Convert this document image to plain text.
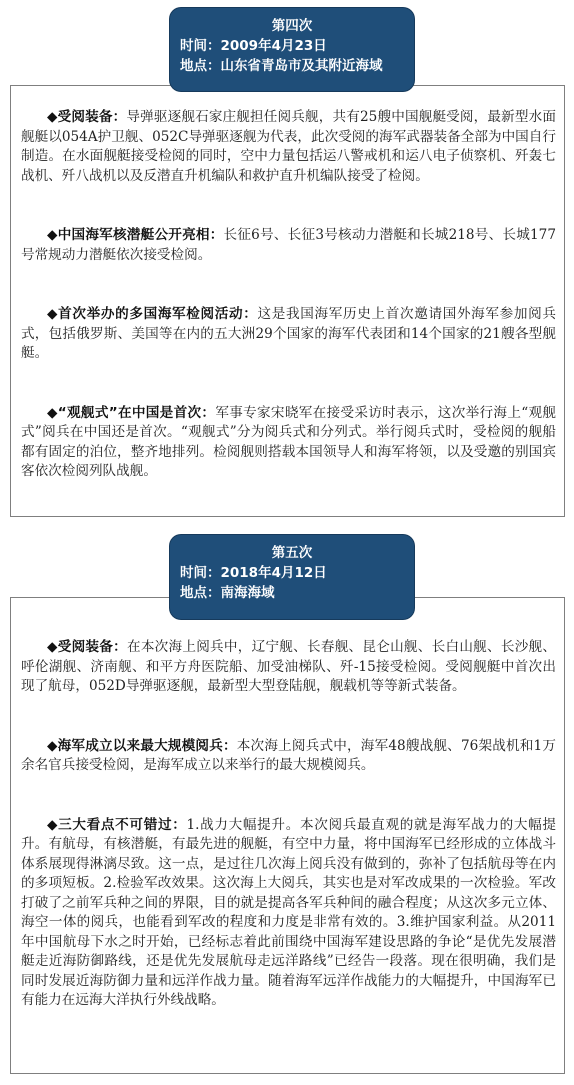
◆受阅装备：导弹驱逐舰石家庄舰担任阅兵舰，共有25艘中国舰艇受阅，最新型水面舰艇以054A护卫舰、052C导弹驱逐舰为代表，此次受阅的海军武器装备全部为中国自行制造。在水面舰艇接受检阅的同时，空中力量包括运八警戒机和运八电子侦察机、歼轰七战机、歼八战机以及反潜直升机编队和救护直升机编队接受了检阅。

◆中国海军核潜艇公开亮相：长征6号、长征3号核动力潜艇和长城218号、长城177号常规动力潜艇依次接受检阅。

◆首次举办的多国海军检阅活动：这是我国海军历史上首次邀请国外海军参加阅兵式，包括俄罗斯、美国等在内的五大洲29个国家的海军代表团和14个国家的21艘各型舰艇。

◆“观舰式”在中国是首次：军事专家宋晓军在接受采访时表示，这次举行海上“观舰式”阅兵在中国还是首次。“观舰式”分为阅兵式和分列式。举行阅兵式时，受检阅的舰船都有固定的泊位，整齐地排列。检阅舰则搭载本国领导人和海军将领，以及受邀的别国宾客依次检阅列队战舰。

第四次
时间：2009年4月23日
地点：山东省青岛市及其附近海域

◆受阅装备：在本次海上阅兵中，辽宁舰、长春舰、昆仑山舰、长白山舰、长沙舰、呼伦湖舰、济南舰、和平方舟医院船、加受油梯队、歼-15接受检阅。受阅舰艇中首次出现了航母，052D导弹驱逐舰，最新型大型登陆舰，舰载机等等新式装备。

◆海军成立以来最大规模阅兵：本次海上阅兵式中，海军48艘战舰、76架战机和1万余名官兵接受检阅，是海军成立以来举行的最大规模阅兵。

◆三大看点不可错过：1.战力大幅提升。本次阅兵最直观的就是海军战力的大幅提升。有航母，有核潜艇，有最先进的舰艇，有空中力量，将中国海军已经形成的立体战斗体系展现得淋漓尽致。这一点，是过往几次海上阅兵没有做到的，弥补了包括航母等在内的多项短板。2.检验军改效果。这次海上大阅兵，其实也是对军改成果的一次检验。军改打破了之前军兵种之间的界限，目的就是提高各军兵种间的融合程度；从这次多元立体、海空一体的阅兵，也能看到军改的程度和力度是非常有效的。3.维护国家利益。从2011年中国航母下水之时开始，已经标志着此前围绕中国海军建设思路的争论“是优先发展潜艇走近海防御路线，还是优先发展航母走远洋路线”已经告一段落。现在很明确，我们是同时发展近海防御力量和远洋作战力量。随着海军远洋作战能力的大幅提升，中国海军已有能力在远海大洋执行外线战略。

第五次
时间：2018年4月12日
地点：南海海域
